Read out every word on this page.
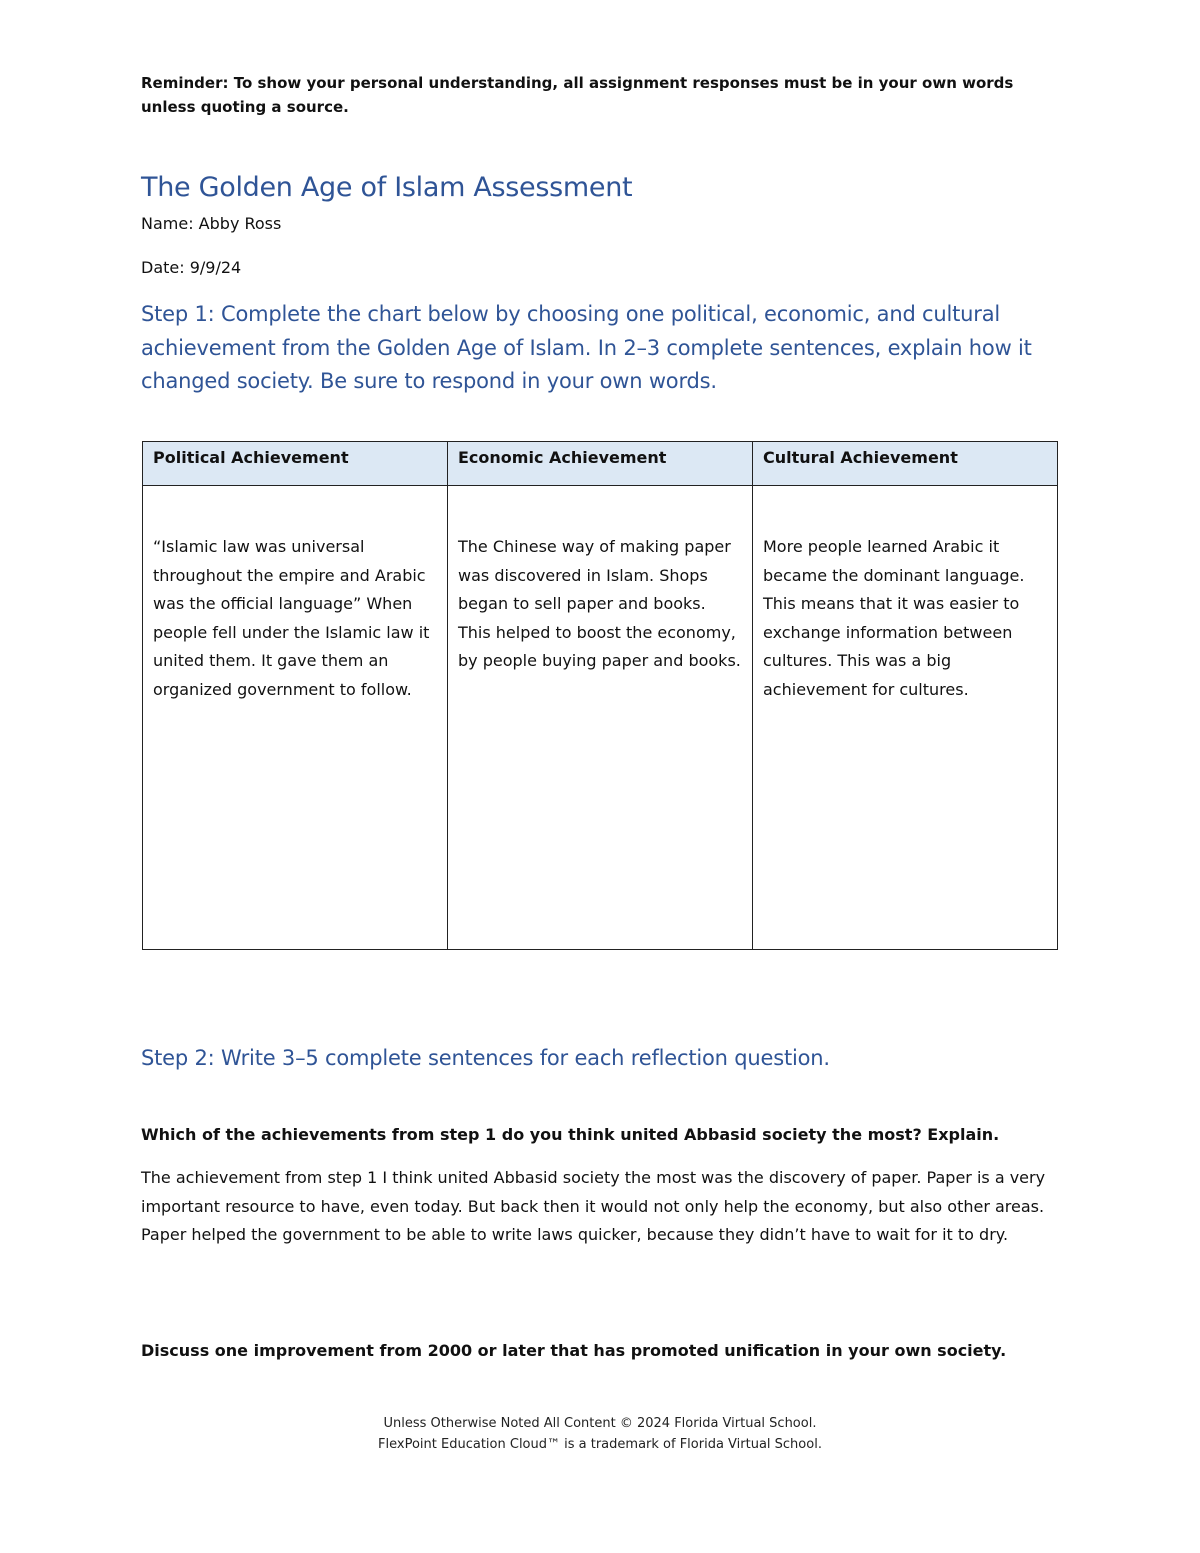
Reminder: To show your personal understanding, all assignment responses must be in your own words unless quoting a source.
The Golden Age of Islam Assessment
Name: Abby Ross
Date: 9/9/24
Step 1: Complete the chart below by choosing one political, economic, and cultural achievement from the Golden Age of Islam. In 2–3 complete sentences, explain how it changed society. Be sure to respond in your own words.
Political Achievement	Economic Achievement	Cultural Achievement
“Islamic law was universal throughout the empire and Arabic was the official language” When people fell under the Islamic law it united them. It gave them an organized government to follow.	The Chinese way of making paper was discovered in Islam. Shops began to sell paper and books. This helped to boost the economy, by people buying paper and books.	More people learned Arabic it became the dominant language. This means that it was easier to exchange information between cultures. This was a big achievement for cultures.
Step 2: Write 3–5 complete sentences for each reflection question.
Which of the achievements from step 1 do you think united Abbasid society the most? Explain.
The achievement from step 1 I think united Abbasid society the most was the discovery of paper. Paper is a very important resource to have, even today. But back then it would not only help the economy, but also other areas. Paper helped the government to be able to write laws quicker, because they didn’t have to wait for it to dry.
Discuss one improvement from 2000 or later that has promoted unification in your own society.
Unless Otherwise Noted All Content © 2024 Florida Virtual School.
FlexPoint Education Cloud™ is a trademark of Florida Virtual School.
